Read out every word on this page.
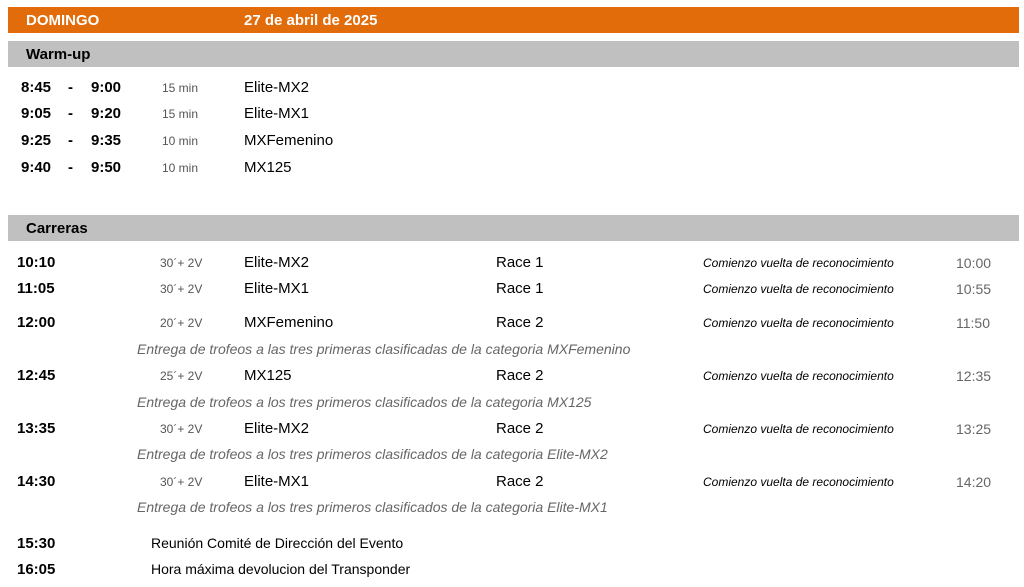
DOMINGO	27 de abril de 2025
Warm-up
8:45 - 9:00	15 min	Elite-MX2
9:05 - 9:20	15 min	Elite-MX1
9:25 - 9:35	10 min	MXFemenino
9:40 - 9:50	10 min	MX125
Carreras
10:10	30´+ 2V	Elite-MX2	Race 1	Comienzo vuelta de reconocimiento	10:00
11:05	30´+ 2V	Elite-MX1	Race 1	Comienzo vuelta de reconocimiento	10:55
12:00	20´+ 2V	MXFemenino	Race 2	Comienzo vuelta de reconocimiento	11:50
Entrega de trofeos a las tres primeras clasificadas de la categoria MXFemenino
12:45	25´+ 2V	MX125	Race 2	Comienzo vuelta de reconocimiento	12:35
Entrega de trofeos a los tres primeros clasificados de la categoria MX125
13:35	30´+ 2V	Elite-MX2	Race 2	Comienzo vuelta de reconocimiento	13:25
Entrega de trofeos a los tres primeros clasificados de la categoria Elite-MX2
14:30	30´+ 2V	Elite-MX1	Race 2	Comienzo vuelta de reconocimiento	14:20
Entrega de trofeos a los tres primeros clasificados de la categoria Elite-MX1
15:30	Reunión Comité de Dirección del Evento
16:05	Hora máxima devolucion del Transponder
